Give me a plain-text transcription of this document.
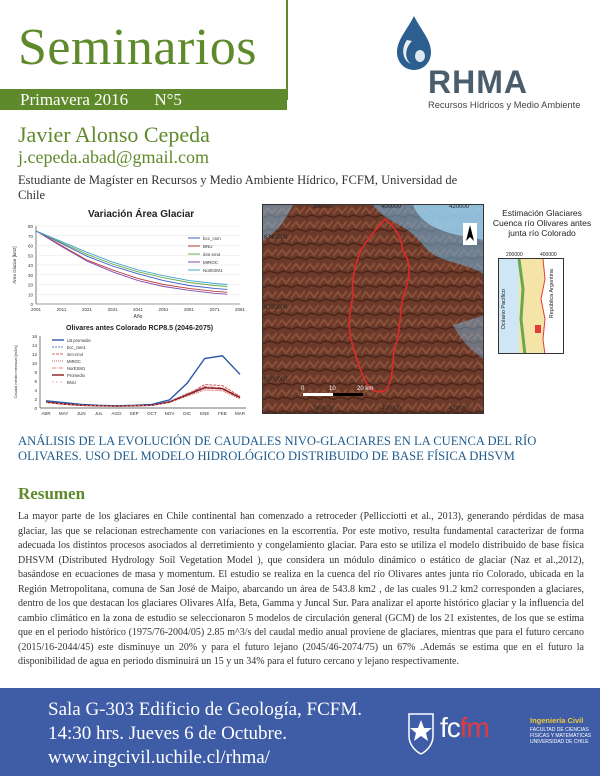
Seminarios
Primavera 2016 N°5	RHMA
Recursos Hídricos y Medio Ambiente
Javier Alonso Cepeda
j.cepeda.abad@gmail.com
Estudiante de Magíster en Recursos y Medio Ambiente Hídrico, FCFM, Universidad de Chile
Variación Área Glaciar
0
10
20
30
40
50
60
70
80
2001	2011	2021	2031	2041	2051	2061	2071	2081
Año
Área Glaciar [km2]
bcc_csm
BNU
inm-cm4
MIROC
NorESM1
Olivares antes Colorado RCP8.5 (2046-2075)
0
2
4
6
8
10
12
14
16
ABR MAY JUN JUL AGO SEP OCT NOV DIC ENE FEB MAR
Caudal medio mensual [m3/s]
LB promedio
bcc_csm1
inm-cm4
MIROC
NorESM1
Promedio
BNU
380000	400000	420000
380000	400000	420000
6340000
6320000
6300000
0	10	20 km
Estimación Glaciares Cuenca río Olivares antes junta río Colorado
Océano Pacífico	República Argentina
200000	400000
ANÁLISIS DE LA EVOLUCIÓN DE CAUDALES NIVO-GLACIARES EN LA CUENCA DEL RÍO OLIVARES. USO DEL MODELO HIDROLÓGICO DISTRIBUIDO DE BASE FÍSICA DHSVM
Resumen
La mayor parte de los glaciares en Chile continental han comenzado a retroceder (Pellicciotti et al., 2013), generando pérdidas de masa glaciar, las que se relacionan estrechamente con variaciones en la escorrentía. Por este motivo, resulta fundamental caracterizar de forma adecuada los distintos procesos asociados al derretimiento y congelamiento glaciar. Para esto se utiliza el modelo distribuido de base física DHSVM (Distributed Hydrology Soil Vegetation Model ), que considera un módulo dinámico o estático de glaciar (Naz et al.,2012), basándose en ecuaciones de masa y momentum. El estudio se realiza en la cuenca del río Olivares antes junta río Colorado, ubicada en la Región Metropolitana, comuna de San José de Maipo, abarcando un área de 543.8 km2 , de las cuales 91.2 km2 corresponden a glaciares, dentro de los que destacan los glaciares Olivares Alfa, Beta, Gamma y Juncal Sur. Para analizar el aporte histórico glaciar y la influencia del cambio climático en la zona de estudio se seleccionaron 5 modelos de circulación general (GCM) de los 21 existentes, de los que se estima que en el periodo histórico (1975/76-2004/05) 2.85 m^3/s del caudal medio anual proviene de glaciares, mientras que para el futuro cercano (2015/16-2044/45) este disminuye un 20% y para el futuro lejano (2045/46-2074/75) un 67% .Además se estima que en el futuro la disponibilidad de agua en periodo disminuirá un 15 y un 34% para el futuro cercano y lejano respectivamente.
Sala G-303 Edificio de Geología, FCFM.
14:30 hrs. Jueves 6 de Octubre.
www.ingcivil.uchile.cl/rhma/
fcfm	Ingeniería Civil
FACULTAD DE CIENCIAS FÍSICAS Y MATEMÁTICAS UNIVERSIDAD DE CHILE
